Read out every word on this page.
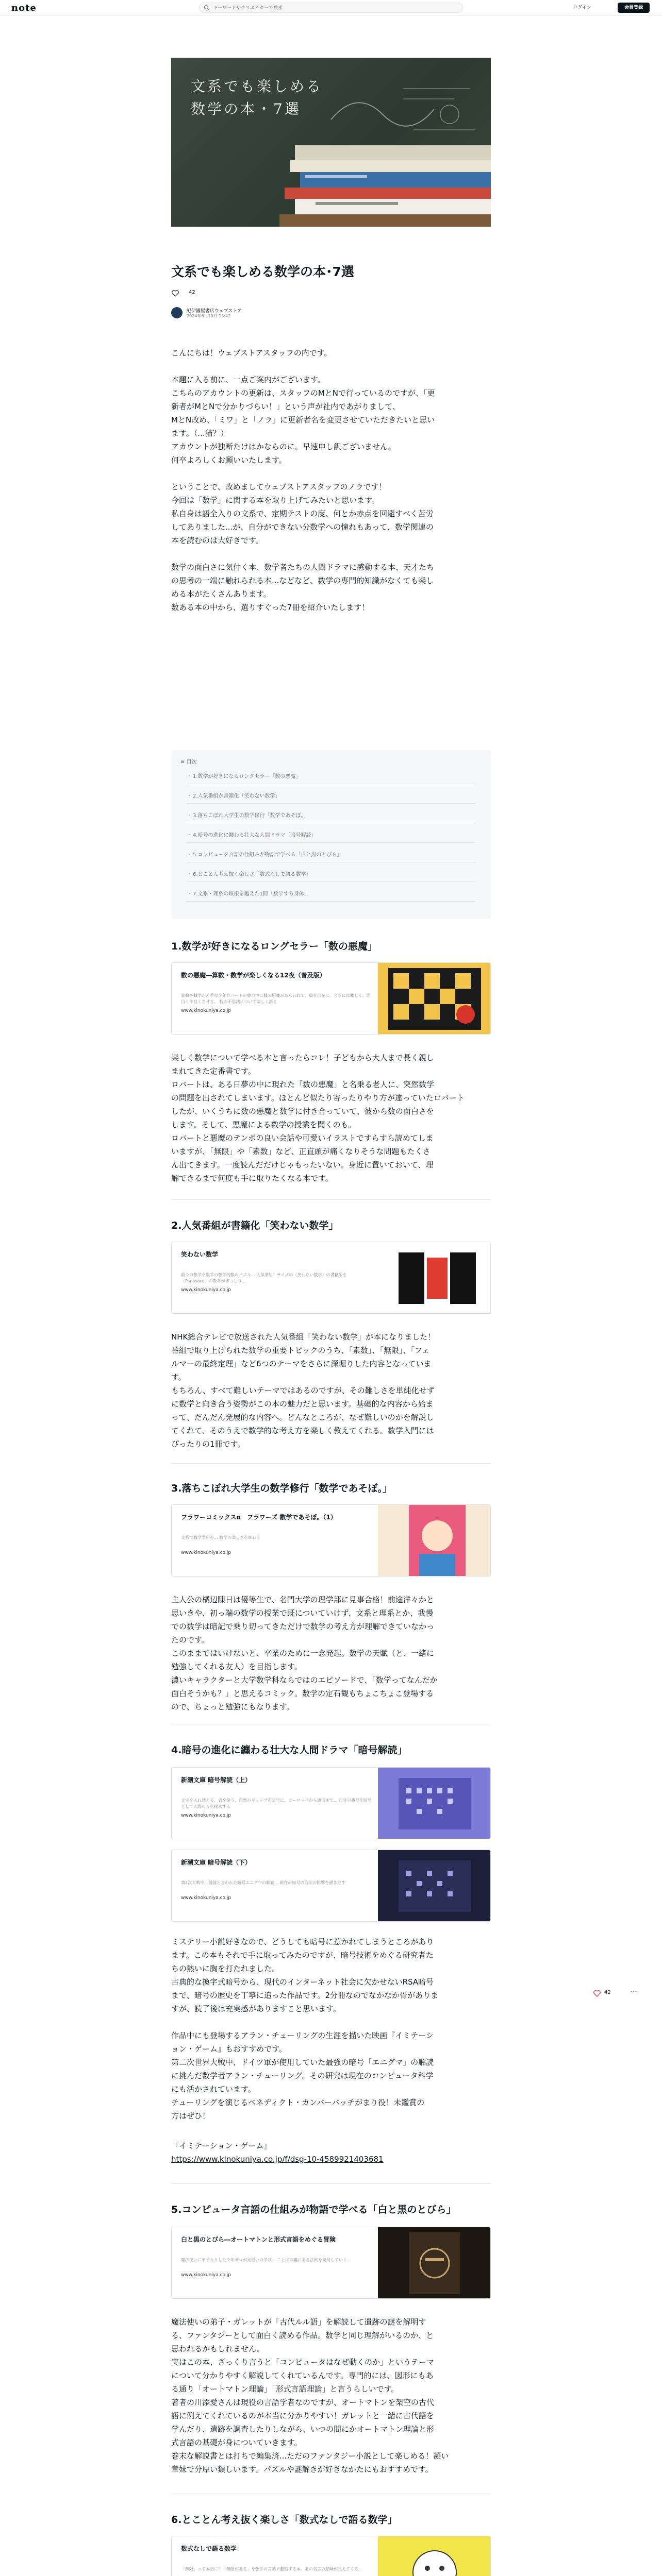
note
キーワードやクリエイターで検索	ログイン	会員登録
文系でも楽しめる
数学の本・7選
文系でも楽しめる数学の本･7選
42
紀伊國屋書店ウェブストア
2024年6月10日 13:42
こんにちは！ウェブストアスタッフの内です。

本題に入る前に、一点ご案内がございます。
こちらのアカウントの更新は、スタッフのMとNで行っているのですが、「更
新者がMとNで分かりづらい！」という声が社内であがりまして、
MとN改め、「ミワ」と「ノラ」に更新者名を変更させていただきたいと思い
ます。（...猫？）
アカウントが独断たけはかならのに。早速申し訳ございません。
何卒よろしくお願いいたします。

ということで、改めましてウェブストアスタッフのノラです！
今回は「数学」に関する本を取り上げてみたいと思います。
私自身は語全入りの文系で、定期テストの度、何とか赤点を回避すべく苦労
してありました...が、自分ができない分数学への憧れもあって、数学関連の
本を読むのは大好きです。

数学の面白さに気付く本、数学者たちの人間ドラマに感動する本、天才たち
の思考の一端に触れられる本...などなど、数学の専門的知識がなくても楽し
める本がたくさんあります。
数ある本の中から、選りすぐった7冊を紹介いたします！
≡ 目次
・ 1.数学が好きになるロングセラー「数の悪魔」
・ 2.人気番組が書籍化「笑わない数学」
・ 3.落ちこぼれ大学生の数学修行「数学であそぼ。」
・ 4.暗号の進化に纏わる壮大な人間ドラマ「暗号解読」
・ 5.コンピュータ言語の仕組みが物語で学べる「白と黒のとびら」
・ 6.とことん考え抜く楽しさ「数式なしで語る数学」
・ 7.文系・理系の垣根を越えた1冊「数学する身体」
1.数学が好きになるロングセラー「数の悪魔」
数の悪魔―算数・数学が楽しくなる12夜（普及版）
算数や数学が苦手な少年ロバートの夢の中に数の悪魔があらわれて、数を自在に、ときには難しく、面白く仲良くさせる。 数の不思議について楽しく語る
www.kinokuniya.co.jp
楽しく数学について学べる本と言ったらコレ！子どもから大人まで長く親し
まれてきた定番書です。
ロバートは、ある日夢の中に現れた「数の悪魔」と名乗る老人に、突然数学
の問題を出されてしまいます。ほとんど似たり寄ったりやり方が違っていたロバート
したが、いくうちに数の悪魔と数学に付き合っていて、彼から数の面白さを
します。そして、悪魔による数学の授業を聞くのも。
ロバートと悪魔のテンポの良い会話や可愛いイラストですらすら読めてしま
いますが、「無限」や「素数」など、正直頭が痛くなりそうな問題もたくさ
ん出てきます。一度読んだだけじゃもったいない。身近に置いておいて、理
解できるまで何度も手に取りたくなる本です。
2.人気番組が書籍化「笑わない数学」
笑わない数学
最小の数学を数学の数学的数のパズル... 人気番組！サイズの〈笑わない数学〉の書籍版を〈Panasaco〉の数学がぎっしり...
www.kinokuniya.co.jp
NHK総合テレビで放送された人気番組「笑わない数学」が本になりました！
番組で取り上げられた数学の重要トピックのうち、「素数」、「無限」、「フェ
ルマーの最終定理」など6つのテーマをさらに深堀りした内容となっていま
す。
もちろん、すべて難しいテーマではあるのですが、その難しさを単純化せず
に数学と向き合う姿勢がこの本の魅力だと思います。基礎的な内容から始ま
って、だんだん発展的な内容へ。どんなところが、なぜ難しいのかを解説し
てくれて、そのうえで数学的な考え方を楽しく教えてくれる。数学入門には
ぴったりの1冊です。
3.落ちこぼれ大学生の数学修行「数学であそぼ。」
フラワーコミックスα　フラワーズ 数学であそぼ。（1）
文系で数学学科を... 数学の楽しさを味わう
www.kinokuniya.co.jp
主人公の橘辺陳日は優等生で、名門大学の理学部に見事合格！前途洋々かと
思いきや、初っ端の数学の授業で既についていけず、文系と理系とか、我慢
での数学は暗記で乗り切ってきただけで数学の考え方が理解できていなかっ
たのです。
このままではいけないと、卒業のために一念発起。数学の天賦（と、一緒に
勉強してくれる友人）を目指します。
濃いキャラクターと大学数学科ならではのエピソードで、「数学ってなんだか
面白そうかも？」と思えるコミック。数学の定石観もちょこちょこ登場する
ので、ちょっと勉強にもなります。
4.暗号の進化に纏わる壮大な人間ドラマ「暗号解読」
新潮文庫 暗号解読（上）
文字を入れ替える、表を使う、自然のギャップを暗号に、ヨーロッパから通信まで... 自分の番号を暗号として人間の方を探求する
www.kinokuniya.co.jp
新潮文庫 暗号解読（下）
第2次大戦中、最強と言われた暗号エニグマの解読... 現在の暗号の方法の影響を描きだす
www.kinokuniya.co.jp
ミステリー小説好きなので、どうしても暗号に惹かれてしまうところがあり
ます。この本もそれで手に取ってみたのですが、暗号技術をめぐる研究者た
ちの熱いに胸を打たれました。
古典的な換字式暗号から、現代のインターネット社会に欠かせないRSA暗号
まで、暗号の歴史を丁寧に追った作品です。2分冊なのでなかなか骨がありま
すが、読了後は充実感がありますこと思います。

作品中にも登場するアラン・チューリングの生涯を描いた映画『イミテーシ
ョン・ゲーム』もおすすめです。
第二次世界大戦中、ドイツ軍が使用していた最強の暗号「エニグマ」の解読
に挑んだ数学者アラン・チューリング。その研究は現在のコンピュータ科学
にも活かされています。
チューリングを演じるベネディクト・カンバーバッチがまり役！未鑑賞の
方はぜひ！
『イミテーション・ゲーム』
https://www.kinokuniya.co.jp/f/dsg-10-4589921403681
5.コンピュータ言語の仕組みが物語で学べる「白と黒のとびら」
白と黒のとびら―オートマトンと形式言語をめぐる冒険
魔法使いに弟子入りした少年ガロが見習いの学び... ことばの裏にある法則を発見していく...
www.kinokuniya.co.jp
魔法使いの弟子・ガレットが「古代ルル語」を解読して遺跡の謎を解明す
る、ファンタジーとして面白く読める作品。数学と同じ理解がいるのか、と
思われるかもしれません。
実はこの本、ざっくり言うと「コンピュータはなぜ動くのか」というテーマ
について分かりやすく解説してくれているんです。専門的には、図形にもあ
る通り「オートマトン理論」「形式言語理論」と言うらしいです。
著者の川添愛さんは現役の言語学者なのですが、オートマトンを架空の古代
語に例えてくれているのが本当に分かりやすい！ガレットと一緒に古代語を
学んだり、遺跡を調査したりしながら、いつの間にかオートマトン理論と形
式言語の基礎が身についていきます。
巻末な解説書とは打ちで編集済...ただのファンタジー小説として楽しめる！凝い
章妹で分厚い類しいます。パズルや謎解きが好きなかたにもおすすめです。
6.とことん考え抜く楽しさ「数式なしで語る数学」
数式なしで語る数学
「無限」って本当に？「無限がある」を数学の言葉で整理する本。あの名言の意味が見えてくる...
42	⋯
